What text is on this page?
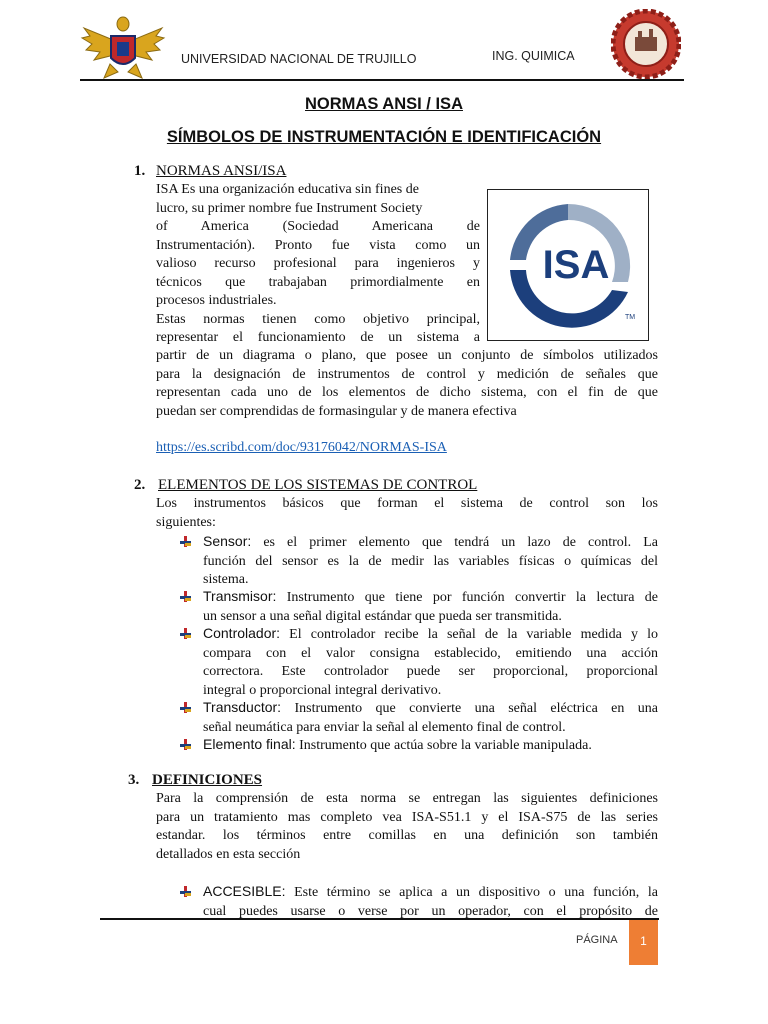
UNIVERSIDAD NACIONAL DE TRUJILLO	ING. QUIMICA
NORMAS ANSI / ISA
SÍMBOLOS DE INSTRUMENTACIÓN E IDENTIFICACIÓN
1. NORMAS ANSI/ISA
ISA Es una organización educativa sin fines de
lucro, su primer nombre fue Instrument Society
of America (Sociedad Americana de
Instrumentación). Pronto fue vista como un
valioso recurso profesional para ingenieros y
técnicos que trabajaban primordialmente en
procesos industriales.
Estas normas tienen como objetivo principal,
representar el funcionamiento de un sistema a
ISA
TM
partir de un diagrama o plano, que posee un conjunto de símbolos utilizados
para la designación de instrumentos de control y medición de señales que
representan cada uno de los elementos de dicho sistema, con el fin de que
puedan ser comprendidas de formasingular y de manera efectiva
https://es.scribd.com/doc/93176042/NORMAS-ISA
2. ELEMENTOS DE LOS SISTEMAS DE CONTROL
Los instrumentos básicos que forman el sistema de control son los
siguientes:
Sensor: es el primer elemento que tendrá un lazo de control. La
función del sensor es la de medir las variables físicas o químicas del
sistema.
Transmisor: Instrumento que tiene por función convertir la lectura de
un sensor a una señal digital estándar que pueda ser transmitida.
Controlador: El controlador recibe la señal de la variable medida y lo
compara con el valor consigna establecido, emitiendo una acción
correctora. Este controlador puede ser proporcional, proporcional
integral o proporcional integral derivativo.
Transductor: Instrumento que convierte una señal eléctrica en una
señal neumática para enviar la señal al elemento final de control.
Elemento final: Instrumento que actúa sobre la variable manipulada.
3. DEFINICIONES
Para la comprensión de esta norma se entregan las siguientes definiciones
para un tratamiento mas completo vea ISA-S51.1 y el ISA-S75 de las series
estandar. los términos entre comillas en una definición son también
detallados en esta sección
ACCESIBLE: Este término se aplica a un dispositivo o una función, la
cual puedes usarse o verse por un operador, con el propósito de
PÁGINA	1
